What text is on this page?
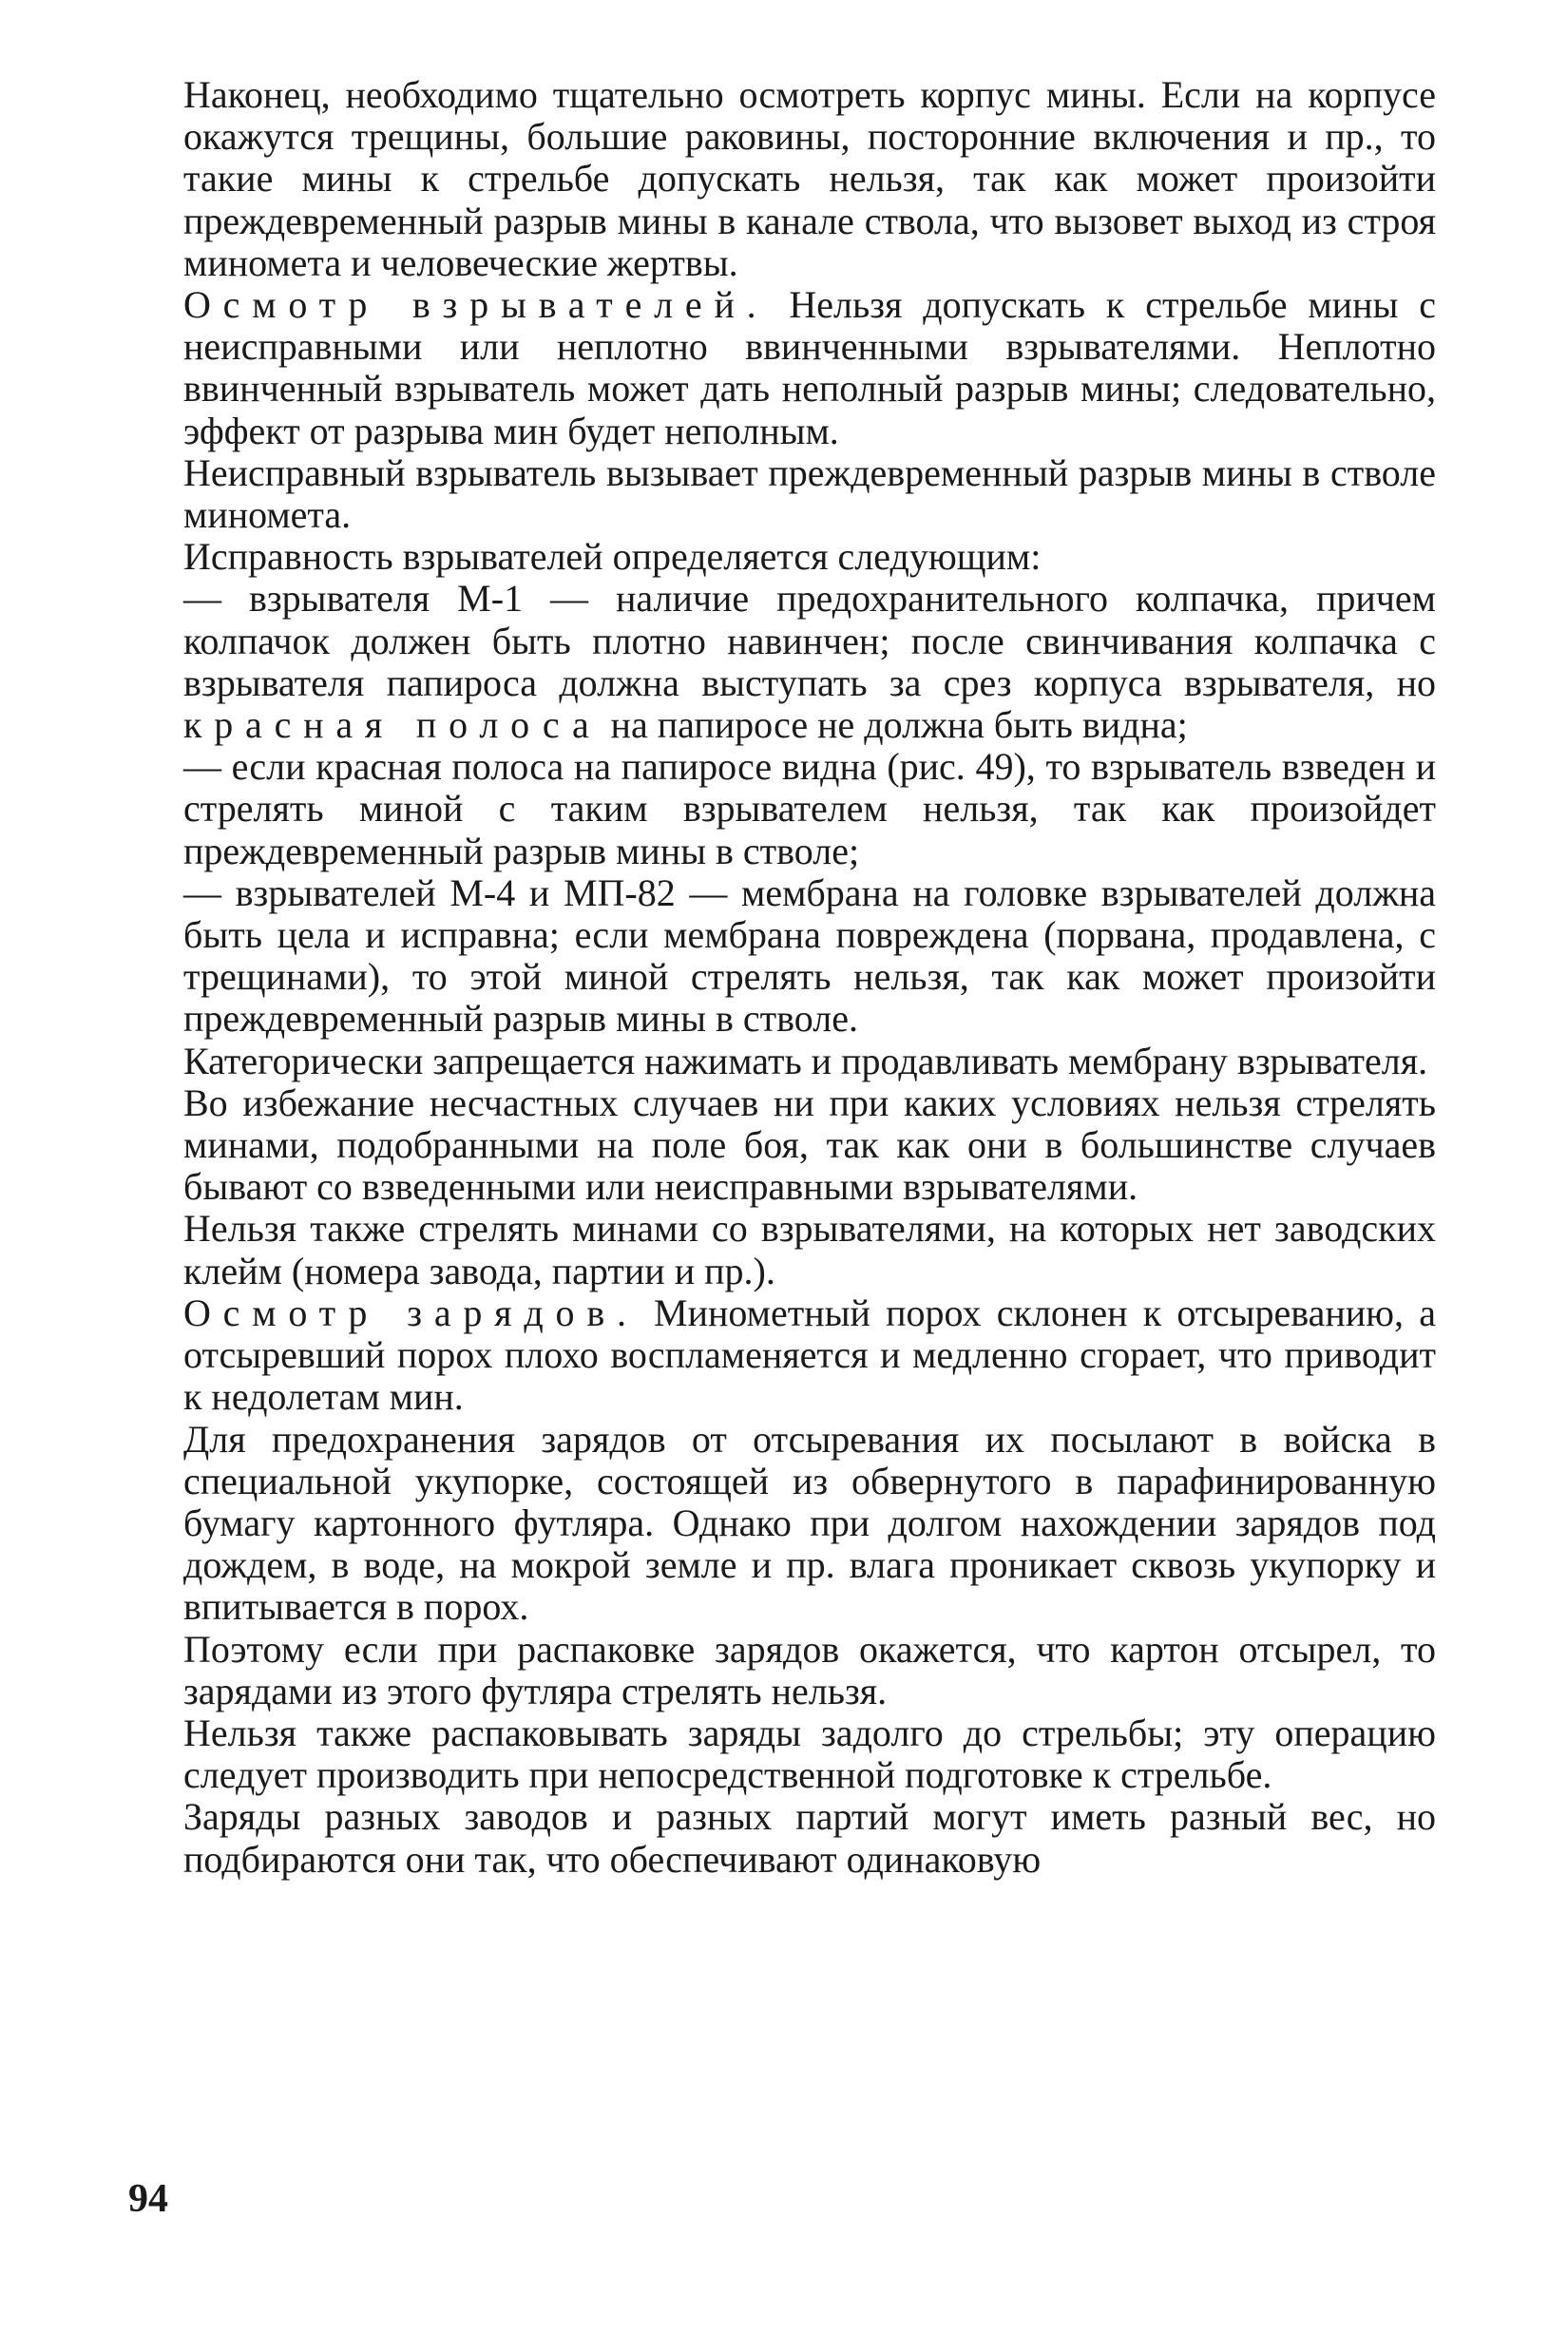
Наконец, необходимо тщательно осмотреть корпус мины. Если на корпусе окажутся трещины, большие раковины, посторонние включения и пр., то такие мины к стрельбе допускать нельзя, так как может произойти преждевременный разрыв мины в канале ствола, что вызовет выход из строя миномета и человеческие жертвы.

Осмотр взрывателей. Нельзя допускать к стрельбе мины с неисправными или неплотно ввинченными взрывателями. Неплотно ввинченный взрыватель может дать неполный разрыв мины; следовательно, эффект от разрыва мин будет неполным.

Неисправный взрыватель вызывает преждевременный разрыв мины в стволе миномета.

Исправность взрывателей определяется следующим:

— взрывателя М-1 — наличие предохранительного колпачка, причем колпачок должен быть плотно навинчен; после свинчивания колпачка с взрывателя папироса должна выступать за срез корпуса взрывателя, но красная полоса на папиросе не должна быть видна;

— если красная полоса на папиросе видна (рис. 49), то взрыватель взведен и стрелять миной с таким взрывателем нельзя, так как произойдет преждевременный разрыв мины в стволе;

— взрывателей М-4 и МП-82 — мембрана на головке взрывателей должна быть цела и исправна; если мембрана повреждена (порвана, продавлена, с трещинами), то этой миной стрелять нельзя, так как может произойти преждевременный разрыв мины в стволе.

Категорически запрещается нажимать и продавливать мембрану взрывателя.

Во избежание несчастных случаев ни при каких условиях нельзя стрелять минами, подобранными на поле боя, так как они в большинстве случаев бывают со взведенными или неисправными взрывателями.

Нельзя также стрелять минами со взрывателями, на которых нет заводских клейм (номера завода, партии и пр.).

Осмотр зарядов. Минометный порох склонен к отсыреванию, а отсыревший порох плохо воспламеняется и медленно сгорает, что приводит к недолетам мин.

Для предохранения зарядов от отсыревания их посылают в войска в специальной укупорке, состоящей из обвернутого в парафинированную бумагу картонного футляра. Однако при долгом нахождении зарядов под дождем, в воде, на мокрой земле и пр. влага проникает сквозь укупорку и впитывается в порох.

Поэтому если при распаковке зарядов окажется, что картон отсырел, то зарядами из этого футляра стрелять нельзя.

Нельзя также распаковывать заряды задолго до стрельбы; эту операцию следует производить при непосредственной подготовке к стрельбе.

Заряды разных заводов и разных партий могут иметь разный вес, но подбираются они так, что обеспечивают одинаковую

94
